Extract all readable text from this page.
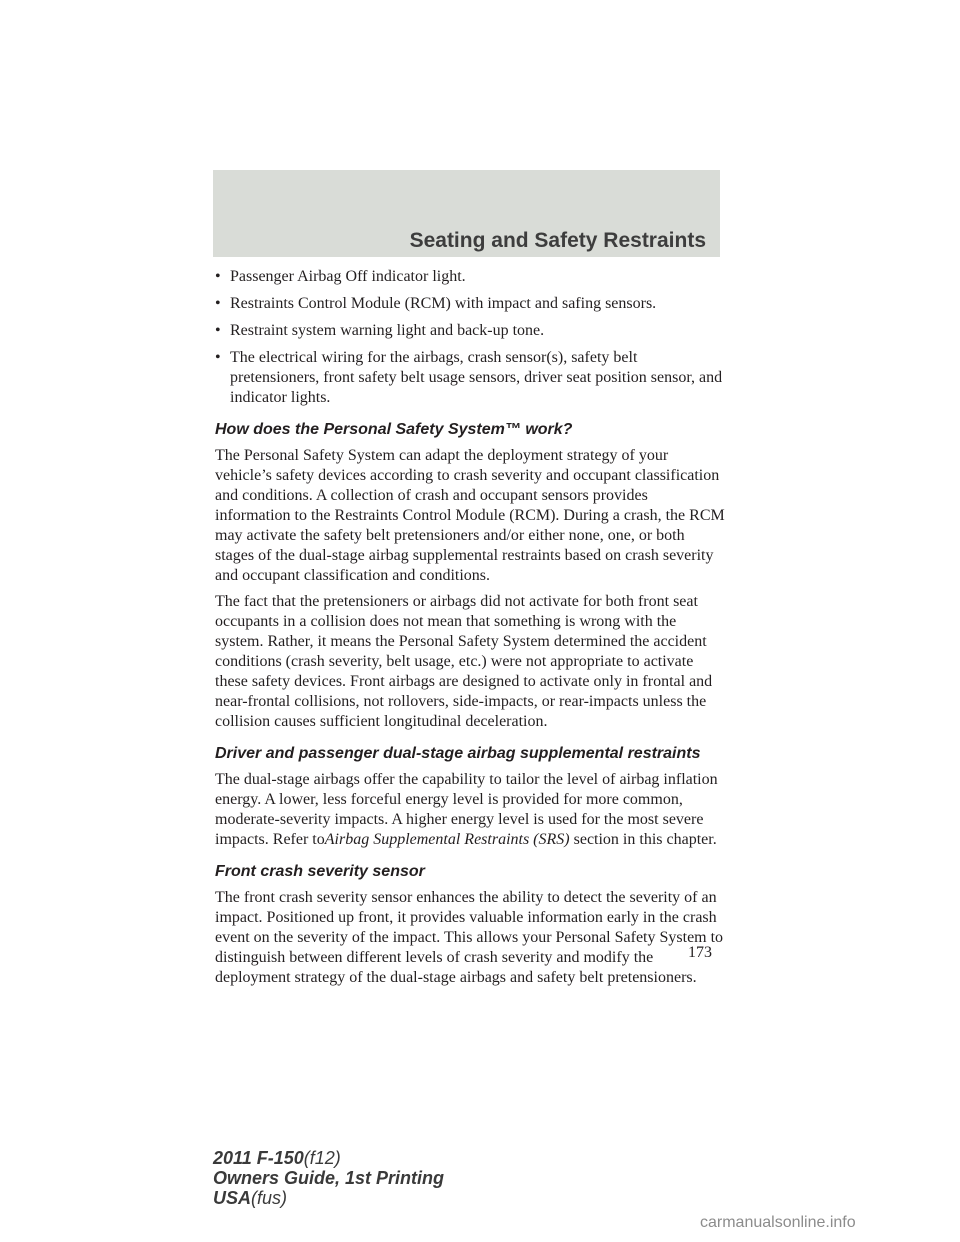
Seating and Safety Restraints
• Passenger Airbag Off indicator light.
• Restraints Control Module (RCM) with impact and safing sensors.
• Restraint system warning light and back-up tone.
• The electrical wiring for the airbags, crash sensor(s), safety belt pretensioners, front safety belt usage sensors, driver seat position sensor, and indicator lights.
How does the Personal Safety System™ work?

The Personal Safety System can adapt the deployment strategy of your vehicle’s safety devices according to crash severity and occupant classification and conditions. A collection of crash and occupant sensors provides information to the Restraints Control Module (RCM). During a crash, the RCM may activate the safety belt pretensioners and/or either none, one, or both stages of the dual-stage airbag supplemental restraints based on crash severity and occupant classification and conditions.

The fact that the pretensioners or airbags did not activate for both front seat occupants in a collision does not mean that something is wrong with the system. Rather, it means the Personal Safety System determined the accident conditions (crash severity, belt usage, etc.) were not appropriate to activate these safety devices. Front airbags are designed to activate only in frontal and near-frontal collisions, not rollovers, side-impacts, or rear-impacts unless the collision causes sufficient longitudinal deceleration.

Driver and passenger dual-stage airbag supplemental restraints

The dual-stage airbags offer the capability to tailor the level of airbag inflation energy. A lower, less forceful energy level is provided for more common, moderate-severity impacts. A higher energy level is used for the most severe impacts. Refer toAirbag Supplemental Restraints (SRS) section in this chapter.

Front crash severity sensor

The front crash severity sensor enhances the ability to detect the severity of an impact. Positioned up front, it provides valuable information early in the crash event on the severity of the impact. This allows your Personal Safety System to distinguish between different levels of crash severity and modify the deployment strategy of the dual-stage airbags and safety belt pretensioners.

173
2011 F-150(f12)
Owners Guide, 1st Printing
USA(fus)
carmanualsonline.info
